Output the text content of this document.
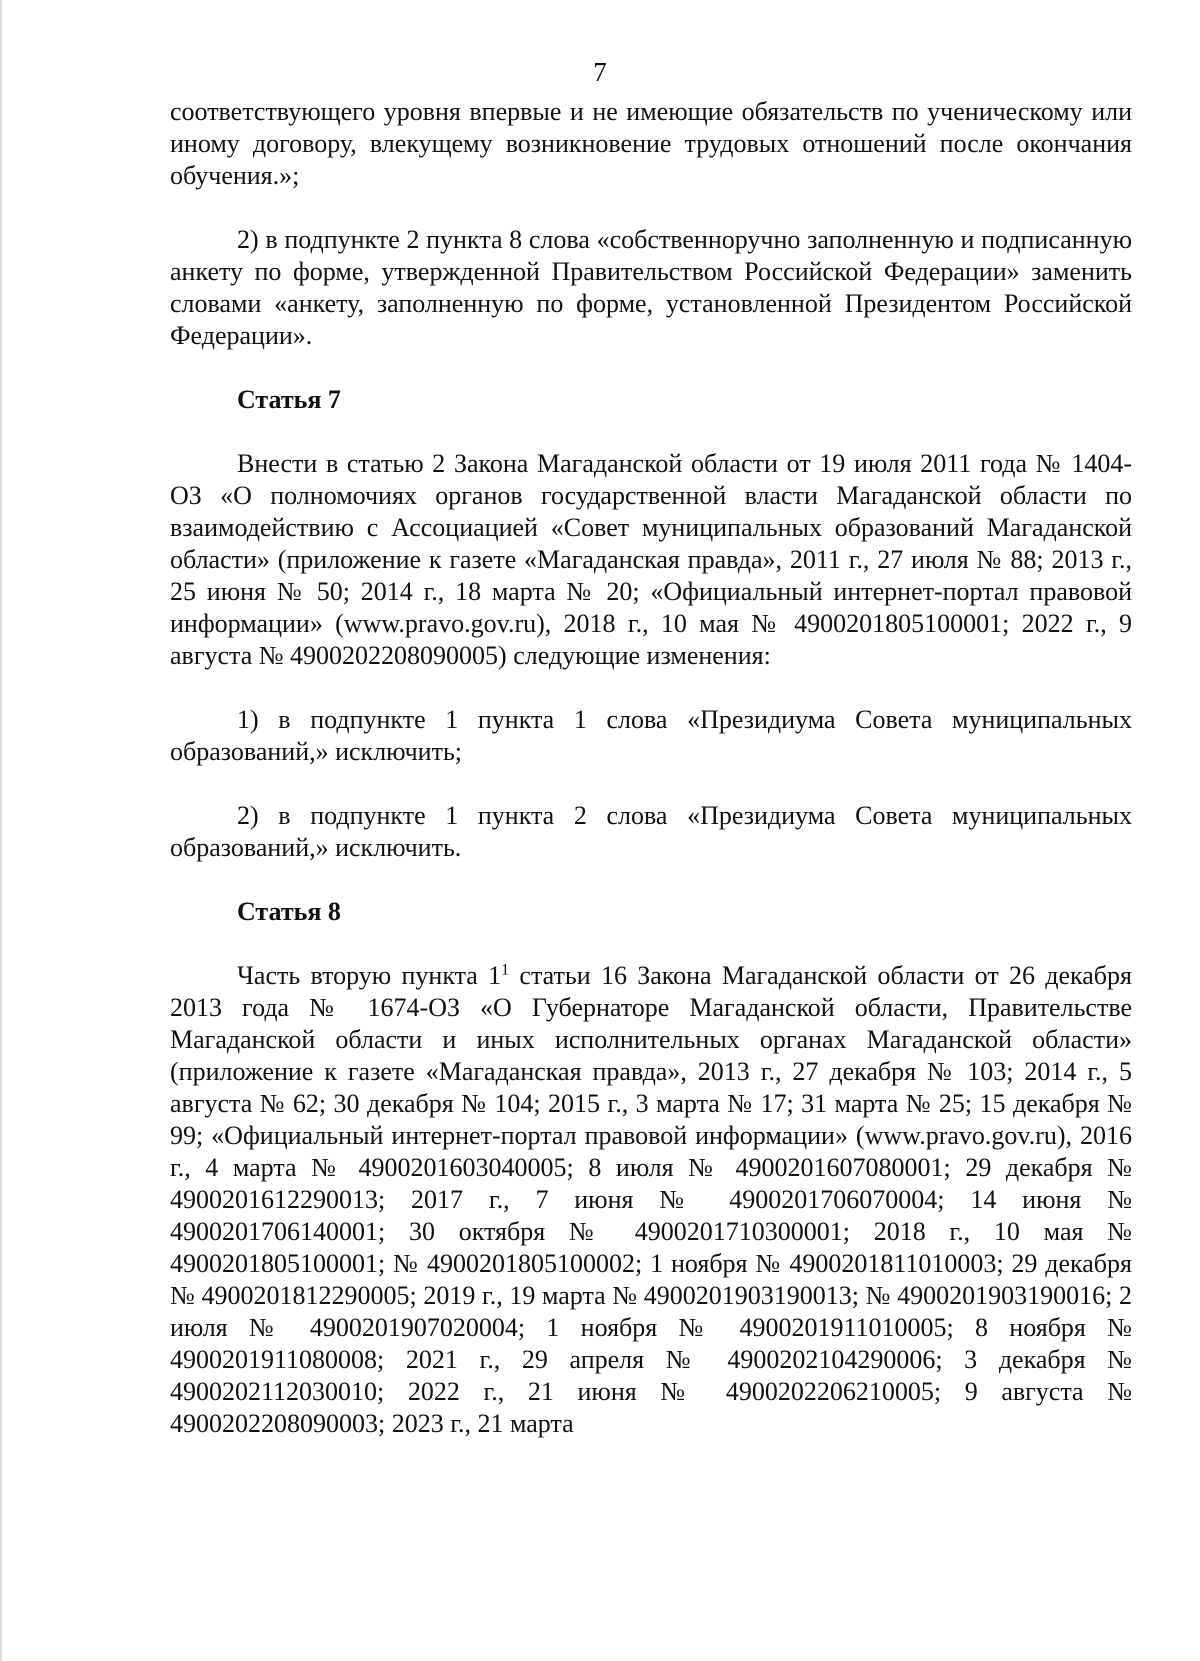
7

соответствующего уровня впервые и не имеющие обязательств по ученическому или иному договору, влекущему возникновение трудовых отношений после окончания обучения.»;

2) в подпункте 2 пункта 8 слова «собственноручно заполненную и подписанную анкету по форме, утвержденной Правительством Российской Федерации» заменить словами «анкету, заполненную по форме, установленной Президентом Российской Федерации».

Статья 7

Внести в статью 2 Закона Магаданской области от 19 июля 2011 года № 1404-ОЗ «О полномочиях органов государственной власти Магаданской области по взаимодействию с Ассоциацией «Совет муниципальных образований Магаданской области» (приложение к газете «Магаданская правда», 2011 г., 27 июля № 88; 2013 г., 25 июня № 50; 2014 г., 18 марта № 20; «Официальный интернет-портал правовой информации» (www.pravo.gov.ru), 2018 г., 10 мая № 4900201805100001; 2022 г., 9 августа № 4900202208090005) следующие изменения:

1) в подпункте 1 пункта 1 слова «Президиума Совета муниципальных образований,» исключить;

2) в подпункте 1 пункта 2 слова «Президиума Совета муниципальных образований,» исключить.

Статья 8

Часть вторую пункта $1^1$ статьи 16 Закона Магаданской области от 26 декабря 2013 года № 1674-ОЗ «О Губернаторе Магаданской области, Правительстве Магаданской области и иных исполнительных органах Магаданской области» (приложение к газете «Магаданская правда», 2013 г., 27 декабря № 103; 2014 г., 5 августа № 62; 30 декабря № 104; 2015 г., 3 марта № 17; 31 марта № 25; 15 декабря № 99; «Официальный интернет-портал правовой информации» (www.pravo.gov.ru), 2016 г., 4 марта № 4900201603040005; 8 июля № 4900201607080001; 29 декабря № 4900201612290013; 2017 г., 7 июня № 4900201706070004; 14 июня № 4900201706140001; 30 октября № 4900201710300001; 2018 г., 10 мая № 4900201805100001; № 4900201805100002; 1 ноября № 4900201811010003; 29 декабря № 4900201812290005; 2019 г., 19 марта № 4900201903190013; № 4900201903190016; 2 июля № 4900201907020004; 1 ноября № 4900201911010005; 8 ноября № 4900201911080008; 2021 г., 29 апреля № 4900202104290006; 3 декабря № 4900202112030010; 2022 г., 21 июня № 4900202206210005; 9 августа № 4900202208090003; 2023 г., 21 марта
